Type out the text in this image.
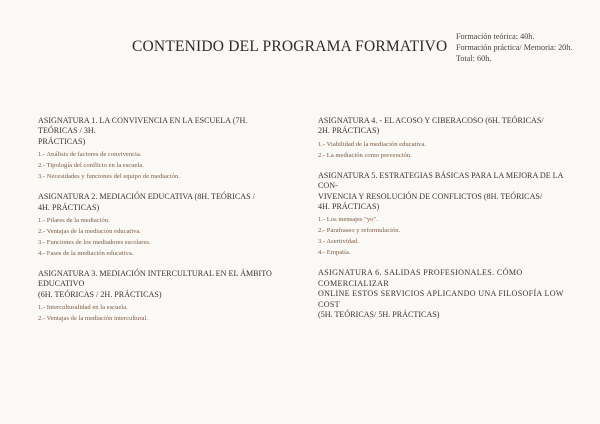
CONTENIDO DEL PROGRAMA FORMATIVO
Formación teórica: 40h.
Formación práctica/ Memoria: 20h.
Total: 60h.
ASIGNATURA 1. LA CONVIVENCIA EN LA ESCUELA (7H. TEÓRICAS / 3H.
PRÁCTICAS)
1.- Análisis de factores de convivencia.
2.- Tipología del conflicto en la escuela.
3.- Necesidades y funciones del equipo de mediación.
ASIGNATURA 2. MEDIACIÓN EDUCATIVA (8H. TEÓRICAS /
4H. PRÁCTICAS)
1.- Pilares de la mediación.
2.- Ventajas de la mediación educativa.
3.- Funciones de los mediadores escolares.
4.- Fases de la mediación educativa.
ASIGNATURA 3. MEDIACIÓN INTERCULTURAL EN EL ÁMBITO EDUCATIVO
(6H. TEÓRICAS / 2H. PRÁCTICAS)
1.- Interculturalidad en la escuela.
2.- Ventajas de la mediación intercultural.
ASIGNATURA 4. - EL ACOSO Y CIBERACOSO (6H. TEÓRICAS/
2H. PRÁCTICAS)
1.- Viabilidad de la mediación educativa.
2.- La mediación como prevención.
ASIGNATURA 5. ESTRATEGIAS BÁSICAS PARA LA MEJORA DE LA CON-
VIVENCIA Y RESOLUCIÓN DE CONFLICTOS (8H. TEÓRICAS/
4H. PRÁCTICAS)
1.- Los mensajes "yo".
2.- Parafraseo y reformulación.
3.- Asertividad.
4.- Empatía.
ASIGNATURA 6. SALIDAS PROFESIONALES. CÓMO COMERCIALIZAR
ONLINE ESTOS SERVICIOS APLICANDO UNA FILOSOFÍA LOW COST
(5H. TEÓRICAS/ 5H. PRÁCTICAS)
